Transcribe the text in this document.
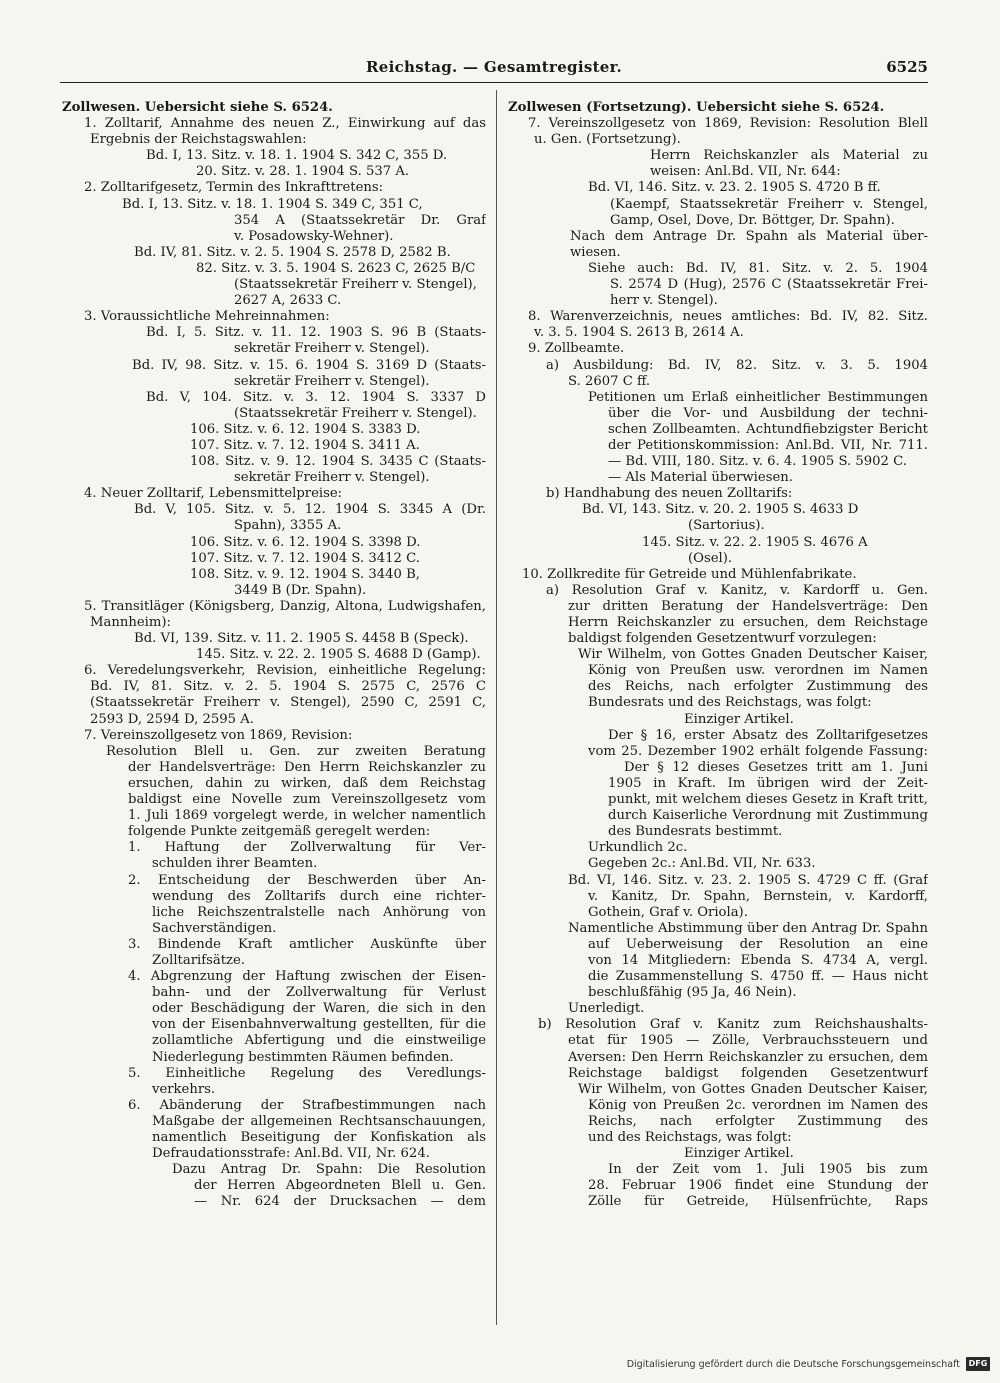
Reichstag. — Gesamtregister.	6525
Zollwesen. Uebersicht siehe S. 6524.
1. Zolltarif, Annahme des neuen Z., Einwirkung auf das
Ergebnis der Reichstagswahlen:
Bd. I, 13. Sitz. v. 18. 1. 1904 S. 342 C, 355 D.
20. Sitz. v. 28. 1. 1904 S. 537 A.
2. Zolltarifgesetz, Termin des Inkrafttretens:
Bd. I, 13. Sitz. v. 18. 1. 1904 S. 349 C, 351 C,
354 A (Staatssekretär Dr. Graf
v. Posadowsky-Wehner).
Bd. IV, 81. Sitz. v. 2. 5. 1904 S. 2578 D, 2582 B.
82. Sitz. v. 3. 5. 1904 S. 2623 C, 2625 B/C
(Staatssekretär Freiherr v. Stengel),
2627 A, 2633 C.
3. Voraussichtliche Mehreinnahmen:
Bd. I, 5. Sitz. v. 11. 12. 1903 S. 96 B (Staats-
sekretär Freiherr v. Stengel).
Bd. IV, 98. Sitz. v. 15. 6. 1904 S. 3169 D (Staats-
sekretär Freiherr v. Stengel).
Bd. V, 104. Sitz. v. 3. 12. 1904 S. 3337 D
(Staatssekretär Freiherr v. Stengel).
106. Sitz. v. 6. 12. 1904 S. 3383 D.
107. Sitz. v. 7. 12. 1904 S. 3411 A.
108. Sitz. v. 9. 12. 1904 S. 3435 C (Staats-
sekretär Freiherr v. Stengel).
4. Neuer Zolltarif, Lebensmittelpreise:
Bd. V, 105. Sitz. v. 5. 12. 1904 S. 3345 A (Dr.
Spahn), 3355 A.
106. Sitz. v. 6. 12. 1904 S. 3398 D.
107. Sitz. v. 7. 12. 1904 S. 3412 C.
108. Sitz. v. 9. 12. 1904 S. 3440 B,
3449 B (Dr. Spahn).
5. Transitläger (Königsberg, Danzig, Altona, Ludwigshafen,
Mannheim):
Bd. VI, 139. Sitz. v. 11. 2. 1905 S. 4458 B (Speck).
145. Sitz. v. 22. 2. 1905 S. 4688 D (Gamp).
6. Veredelungsverkehr, Revision, einheitliche Regelung:
Bd. IV, 81. Sitz. v. 2. 5. 1904 S. 2575 C, 2576 C
(Staatssekretär Freiherr v. Stengel), 2590 C, 2591 C,
2593 D, 2594 D, 2595 A.
7. Vereinszollgesetz von 1869, Revision:
Resolution Blell u. Gen. zur zweiten Beratung
der Handelsverträge: Den Herrn Reichskanzler zu
ersuchen, dahin zu wirken, daß dem Reichstag
baldigst eine Novelle zum Vereinszollgesetz vom
1. Juli 1869 vorgelegt werde, in welcher namentlich
folgende Punkte zeitgemäß geregelt werden:
1. Haftung der Zollverwaltung für Ver-
schulden ihrer Beamten.
2. Entscheidung der Beschwerden über An-
wendung des Zolltarifs durch eine richter-
liche Reichszentralstelle nach Anhörung von
Sachverständigen.
3. Bindende Kraft amtlicher Auskünfte über
Zolltarifsätze.
4. Abgrenzung der Haftung zwischen der Eisen-
bahn- und der Zollverwaltung für Verlust
oder Beschädigung der Waren, die sich in den
von der Eisenbahnverwaltung gestellten, für die
zollamtliche Abfertigung und die einstweilige
Niederlegung bestimmten Räumen befinden.
5. Einheitliche Regelung des Veredlungs-
verkehrs.
6. Abänderung der Strafbestimmungen nach
Maßgabe der allgemeinen Rechtsanschauungen,
namentlich Beseitigung der Konfiskation als
Defraudationsstrafe: Anl.Bd. VII, Nr. 624.
Dazu Antrag Dr. Spahn: Die Resolution
der Herren Abgeordneten Blell u. Gen.
— Nr. 624 der Drucksachen — dem
Zollwesen (Fortsetzung). Uebersicht siehe S. 6524.
7. Vereinszollgesetz von 1869, Revision: Resolution Blell
u. Gen. (Fortsetzung).
Herrn Reichskanzler als Material zu
weisen: Anl.Bd. VII, Nr. 644:
Bd. VI, 146. Sitz. v. 23. 2. 1905 S. 4720 B ff.
(Kaempf, Staatssekretär Freiherr v. Stengel,
Gamp, Osel, Dove, Dr. Böttger, Dr. Spahn).
Nach dem Antrage Dr. Spahn als Material über-
wiesen.
Siehe auch: Bd. IV, 81. Sitz. v. 2. 5. 1904
S. 2574 D (Hug), 2576 C (Staatssekretär Frei-
herr v. Stengel).
8. Warenverzeichnis, neues amtliches: Bd. IV, 82. Sitz.
v. 3. 5. 1904 S. 2613 B, 2614 A.
9. Zollbeamte.
a) Ausbildung: Bd. IV, 82. Sitz. v. 3. 5. 1904
S. 2607 C ff.
Petitionen um Erlaß einheitlicher Bestimmungen
über die Vor- und Ausbildung der techni-
schen Zollbeamten. Achtundfiebzigster Bericht
der Petitionskommission: Anl.Bd. VII, Nr. 711.
— Bd. VIII, 180. Sitz. v. 6. 4. 1905 S. 5902 C.
— Als Material überwiesen.
b) Handhabung des neuen Zolltarifs:
Bd. VI, 143. Sitz. v. 20. 2. 1905 S. 4633 D
(Sartorius).
145. Sitz. v. 22. 2. 1905 S. 4676 A
(Osel).
10. Zollkredite für Getreide und Mühlenfabrikate.
a) Resolution Graf v. Kanitz, v. Kardorff u. Gen.
zur dritten Beratung der Handelsverträge: Den
Herrn Reichskanzler zu ersuchen, dem Reichstage
baldigst folgenden Gesetzentwurf vorzulegen:
Wir Wilhelm, von Gottes Gnaden Deutscher Kaiser,
König von Preußen usw. verordnen im Namen
des Reichs, nach erfolgter Zustimmung des
Bundesrats und des Reichstags, was folgt:
Einziger Artikel.
Der § 16, erster Absatz des Zolltarifgesetzes
vom 25. Dezember 1902 erhält folgende Fassung:
Der § 12 dieses Gesetzes tritt am 1. Juni
1905 in Kraft. Im übrigen wird der Zeit-
punkt, mit welchem dieses Gesetz in Kraft tritt,
durch Kaiserliche Verordnung mit Zustimmung
des Bundesrats bestimmt.
Urkundlich 2c.
Gegeben 2c.: Anl.Bd. VII, Nr. 633.
Bd. VI, 146. Sitz. v. 23. 2. 1905 S. 4729 C ff. (Graf
v. Kanitz, Dr. Spahn, Bernstein, v. Kardorff,
Gothein, Graf v. Oriola).
Namentliche Abstimmung über den Antrag Dr. Spahn
auf Ueberweisung der Resolution an eine
von 14 Mitgliedern: Ebenda S. 4734 A, vergl.
die Zusammenstellung S. 4750 ff. — Haus nicht
beschlußfähig (95 Ja, 46 Nein).
Unerledigt.
b) Resolution Graf v. Kanitz zum Reichshaushalts-
etat für 1905 — Zölle, Verbrauchssteuern und
Aversen: Den Herrn Reichskanzler zu ersuchen, dem
Reichstage baldigst folgenden Gesetzentwurf
Wir Wilhelm, von Gottes Gnaden Deutscher Kaiser,
König von Preußen 2c. verordnen im Namen des
Reichs, nach erfolgter Zustimmung des
und des Reichstags, was folgt:
Einziger Artikel.
In der Zeit vom 1. Juli 1905 bis zum
28. Februar 1906 findet eine Stundung der
Zölle für Getreide, Hülsenfrüchte, Raps
Digitalisierung gefördert durch die Deutsche Forschungsgemeinschaft	DFG
